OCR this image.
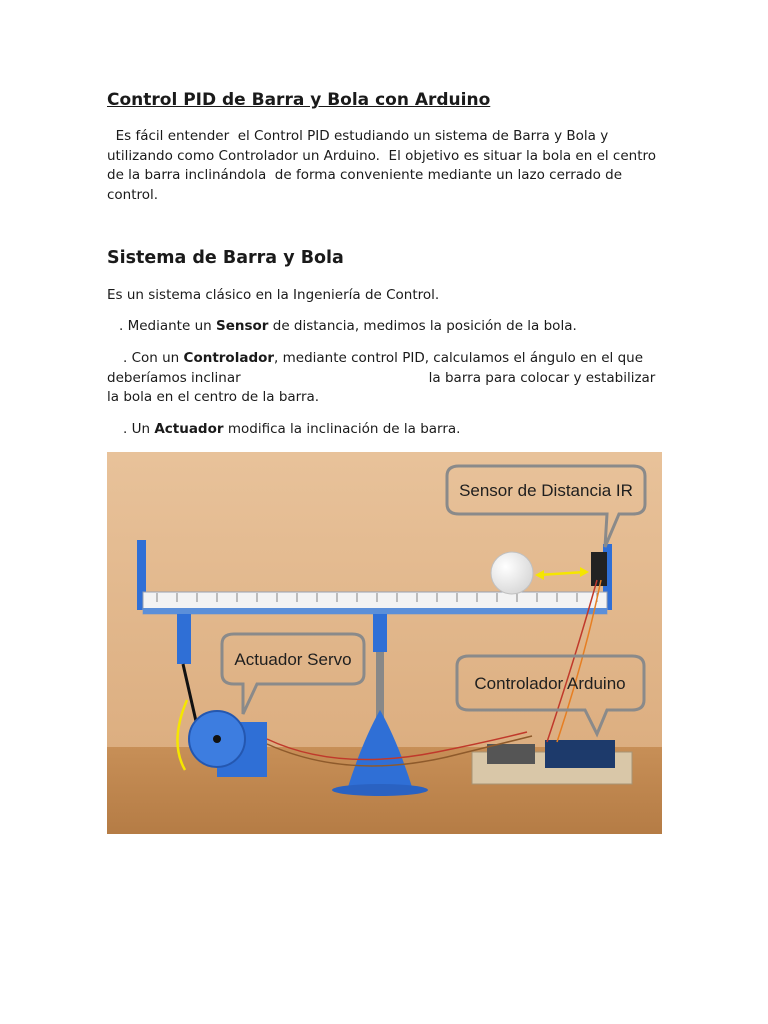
Control PID de Barra y Bola con Arduino

Es fácil entender  el Control PID estudiando un sistema de Barra y Bola y utilizando como Controlador un Arduino.  El objetivo es situar la bola en el centro de la barra inclinándola  de forma conveniente mediante un lazo cerrado de control.

Sistema de Barra y Bola

Es un sistema clásico en la Ingeniería de Control.

. Mediante un Sensor de distancia, medimos la posición de la bola.

. Con un Controlador, mediante control PID, calculamos el ángulo en el que deberíamos inclinar	la barra para colocar y estabilizar la bola en el centro de la barra.

. Un Actuador modifica la inclinación de la barra.

Sensor de Distancia IR
Actuador Servo
Controlador Arduino
